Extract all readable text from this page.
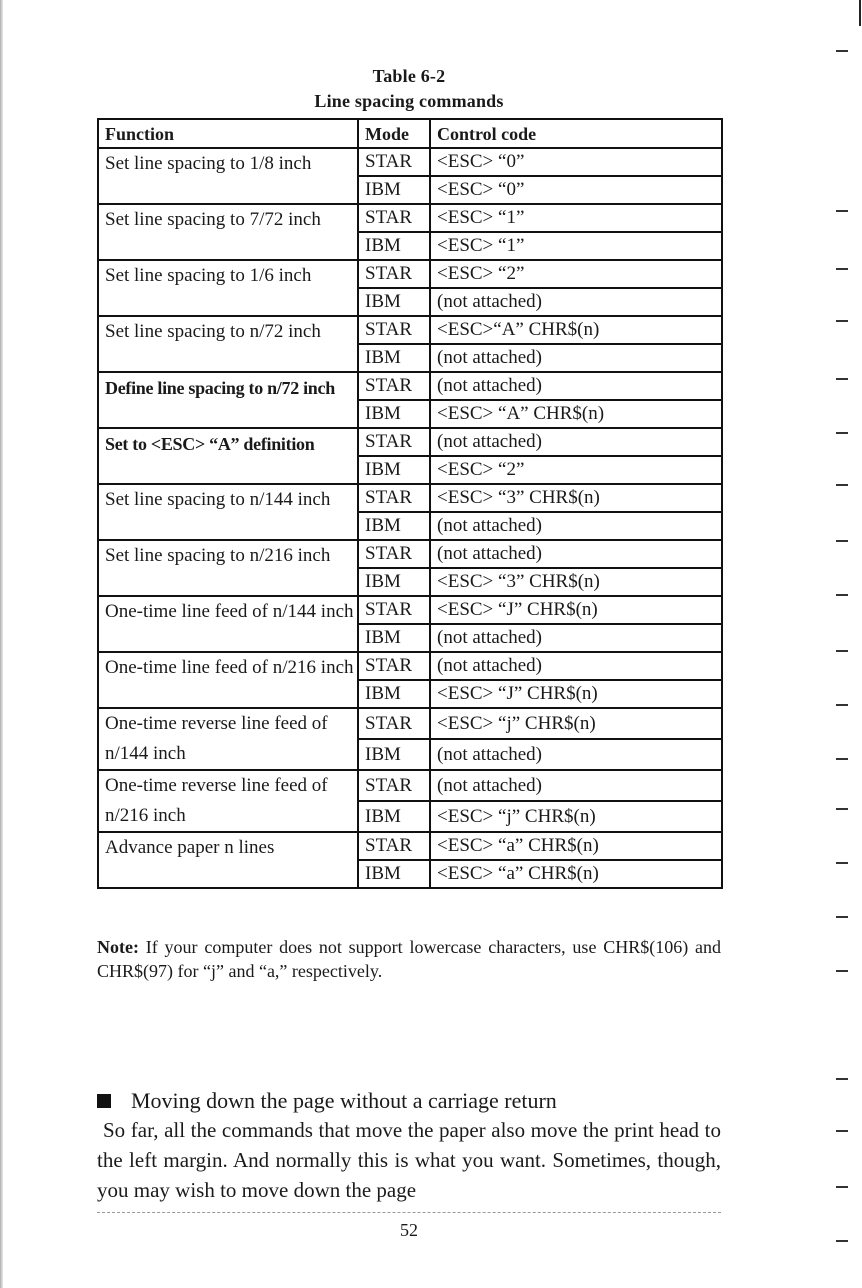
Table 6-2
Line spacing commands
Function	Mode	Control code
Set line spacing to 1/8 inch	STAR	<ESC> “0”
	IBM	<ESC> “0”
Set line spacing to 7/72 inch	STAR	<ESC> “1”
	IBM	<ESC> “1”
Set line spacing to 1/6 inch	STAR	<ESC> “2”
	IBM	(not attached)
Set line spacing to n/72 inch	STAR	<ESC>“A” CHR$(n)
	IBM	(not attached)
Define line spacing to n/72 inch	STAR	(not attached)
	IBM	<ESC> “A” CHR$(n)
Set to <ESC> “A” definition	STAR	(not attached)
	IBM	<ESC> “2”
Set line spacing to n/144 inch	STAR	<ESC> “3” CHR$(n)
	IBM	(not attached)
Set line spacing to n/216 inch	STAR	(not attached)
	IBM	<ESC> “3” CHR$(n)
One-time line feed of n/144 inch	STAR	<ESC> “J” CHR$(n)
	IBM	(not attached)
One-time line feed of n/216 inch	STAR	(not attached)
	IBM	<ESC> “J” CHR$(n)
One-time reverse line feed of n/144 inch	STAR	<ESC> “j” CHR$(n)
	IBM	(not attached)
One-time reverse line feed of n/216 inch	STAR	(not attached)
	IBM	<ESC> “j” CHR$(n)
Advance paper n lines	STAR	<ESC> “a” CHR$(n)
	IBM	<ESC> “a” CHR$(n)
Note: If your computer does not support lowercase characters, use CHR$(106) and CHR$(97) for “j” and “a,” respectively.
Moving down the page without a carriage return
So far, all the commands that move the paper also move the print head to the left margin. And normally this is what you want. Sometimes, though, you may wish to move down the page
52
